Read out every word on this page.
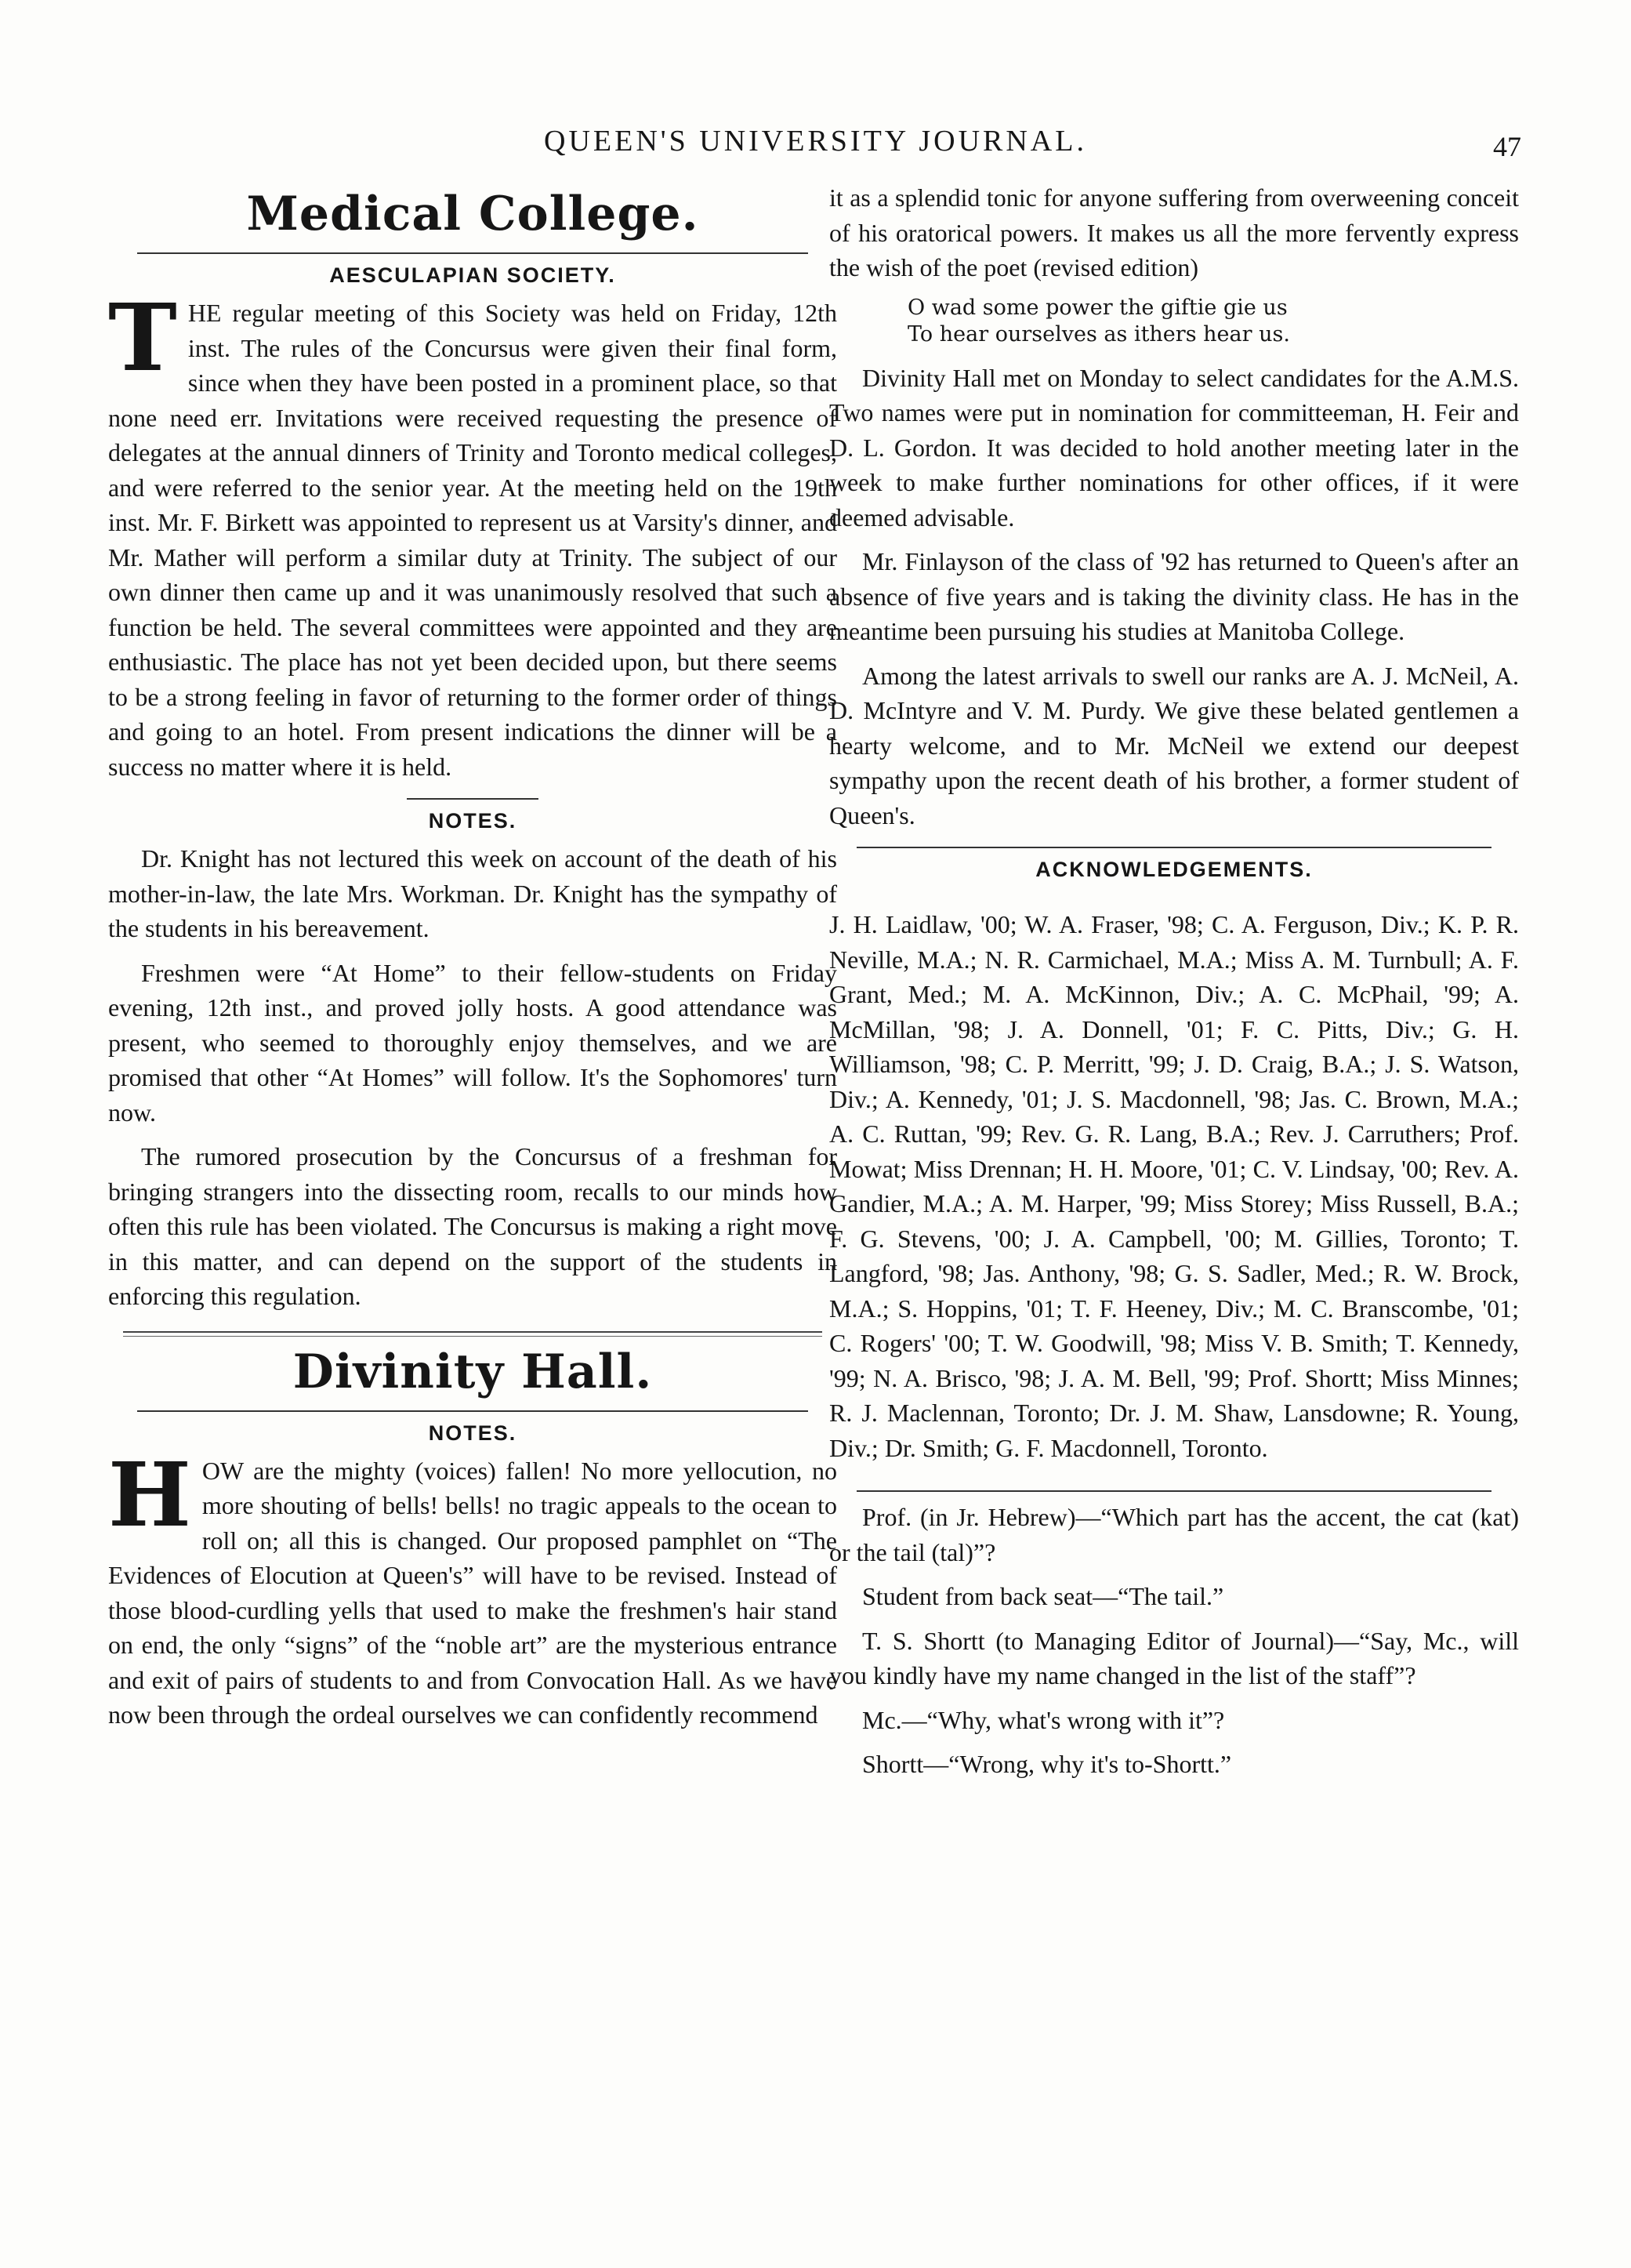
QUEEN'S UNIVERSITY JOURNAL.	47
Medical College.
AESCULAPIAN SOCIETY.

THE regular meeting of this Society was held on Friday, 12th inst. The rules of the Concursus were given their final form, since when they have been posted in a prominent place, so that none need err. Invitations were received requesting the presence of delegates at the annual dinners of Trinity and Toronto medical colleges, and were referred to the senior year. At the meeting held on the 19th inst. Mr. F. Birkett was appointed to represent us at Varsity's dinner, and Mr. Mather will perform a similar duty at Trinity. The subject of our own dinner then came up and it was unanimously resolved that such a function be held. The several committees were appointed and they are enthusiastic. The place has not yet been decided upon, but there seems to be a strong feeling in favor of returning to the former order of things and going to an hotel. From present indications the dinner will be a success no matter where it is held.

NOTES.

Dr. Knight has not lectured this week on account of the death of his mother-in-law, the late Mrs. Workman. Dr. Knight has the sympathy of the students in his bereavement.

Freshmen were “At Home” to their fellow-students on Friday evening, 12th inst., and proved jolly hosts. A good attendance was present, who seemed to thoroughly enjoy themselves, and we are promised that other “At Homes” will follow. It's the Sophomores' turn now.

The rumored prosecution by the Concursus of a freshman for bringing strangers into the dissecting room, recalls to our minds how often this rule has been violated. The Concursus is making a right move in this matter, and can depend on the support of the students in enforcing this regulation.

Divinity Hall.
NOTES.

HOW are the mighty (voices) fallen! No more yellocution, no more shouting of bells! bells! no tragic appeals to the ocean to roll on; all this is changed. Our proposed pamphlet on “The Evidences of Elocution at Queen's” will have to be revised. Instead of those blood-curdling yells that used to make the freshmen's hair stand on end, the only “signs” of the “noble art” are the mysterious entrance and exit of pairs of students to and from Convocation Hall. As we have now been through the ordeal ourselves we can confidently recommend

it as a splendid tonic for anyone suffering from overweening conceit of his oratorical powers. It makes us all the more fervently express the wish of the poet (revised edition)

O wad some power the giftie gie us
To hear ourselves as ithers hear us.

Divinity Hall met on Monday to select candidates for the A.M.S. Two names were put in nomination for committeeman, H. Feir and D. L. Gordon. It was decided to hold another meeting later in the week to make further nominations for other offices, if it were deemed advisable.

Mr. Finlayson of the class of '92 has returned to Queen's after an absence of five years and is taking the divinity class. He has in the meantime been pursuing his studies at Manitoba College.

Among the latest arrivals to swell our ranks are A. J. McNeil, A. D. McIntyre and V. M. Purdy. We give these belated gentlemen a hearty welcome, and to Mr. McNeil we extend our deepest sympathy upon the recent death of his brother, a former student of Queen's.

ACKNOWLEDGEMENTS.

J. H. Laidlaw, '00; W. A. Fraser, '98; C. A. Ferguson, Div.; K. P. R. Neville, M.A.; N. R. Carmichael, M.A.; Miss A. M. Turnbull; A. F. Grant, Med.; M. A. McKinnon, Div.; A. C. McPhail, '99; A. McMillan, '98; J. A. Donnell, '01; F. C. Pitts, Div.; G. H. Williamson, '98; C. P. Merritt, '99; J. D. Craig, B.A.; J. S. Watson, Div.; A. Kennedy, '01; J. S. Macdonnell, '98; Jas. C. Brown, M.A.; A. C. Ruttan, '99; Rev. G. R. Lang, B.A.; Rev. J. Carruthers; Prof. Mowat; Miss Drennan; H. H. Moore, '01; C. V. Lindsay, '00; Rev. A. Gandier, M.A.; A. M. Harper, '99; Miss Storey; Miss Russell, B.A.; F. G. Stevens, '00; J. A. Campbell, '00; M. Gillies, Toronto; T. Langford, '98; Jas. Anthony, '98; G. S. Sadler, Med.; R. W. Brock, M.A.; S. Hoppins, '01; T. F. Heeney, Div.; M. C. Branscombe, '01; C. Rogers' '00; T. W. Goodwill, '98; Miss V. B. Smith; T. Kennedy, '99; N. A. Brisco, '98; J. A. M. Bell, '99; Prof. Shortt; Miss Minnes; R. J. Maclennan, Toronto; Dr. J. M. Shaw, Lansdowne; R. Young, Div.; Dr. Smith; G. F. Macdonnell, Toronto.

Prof. (in Jr. Hebrew)—“Which part has the accent, the cat (kat) or the tail (tal)”?

Student from back seat—“The tail.”

T. S. Shortt (to Managing Editor of Journal)—“Say, Mc., will you kindly have my name changed in the list of the staff”?

Mc.—“Why, what's wrong with it”?

Shortt—“Wrong, why it's to-Shortt.”
